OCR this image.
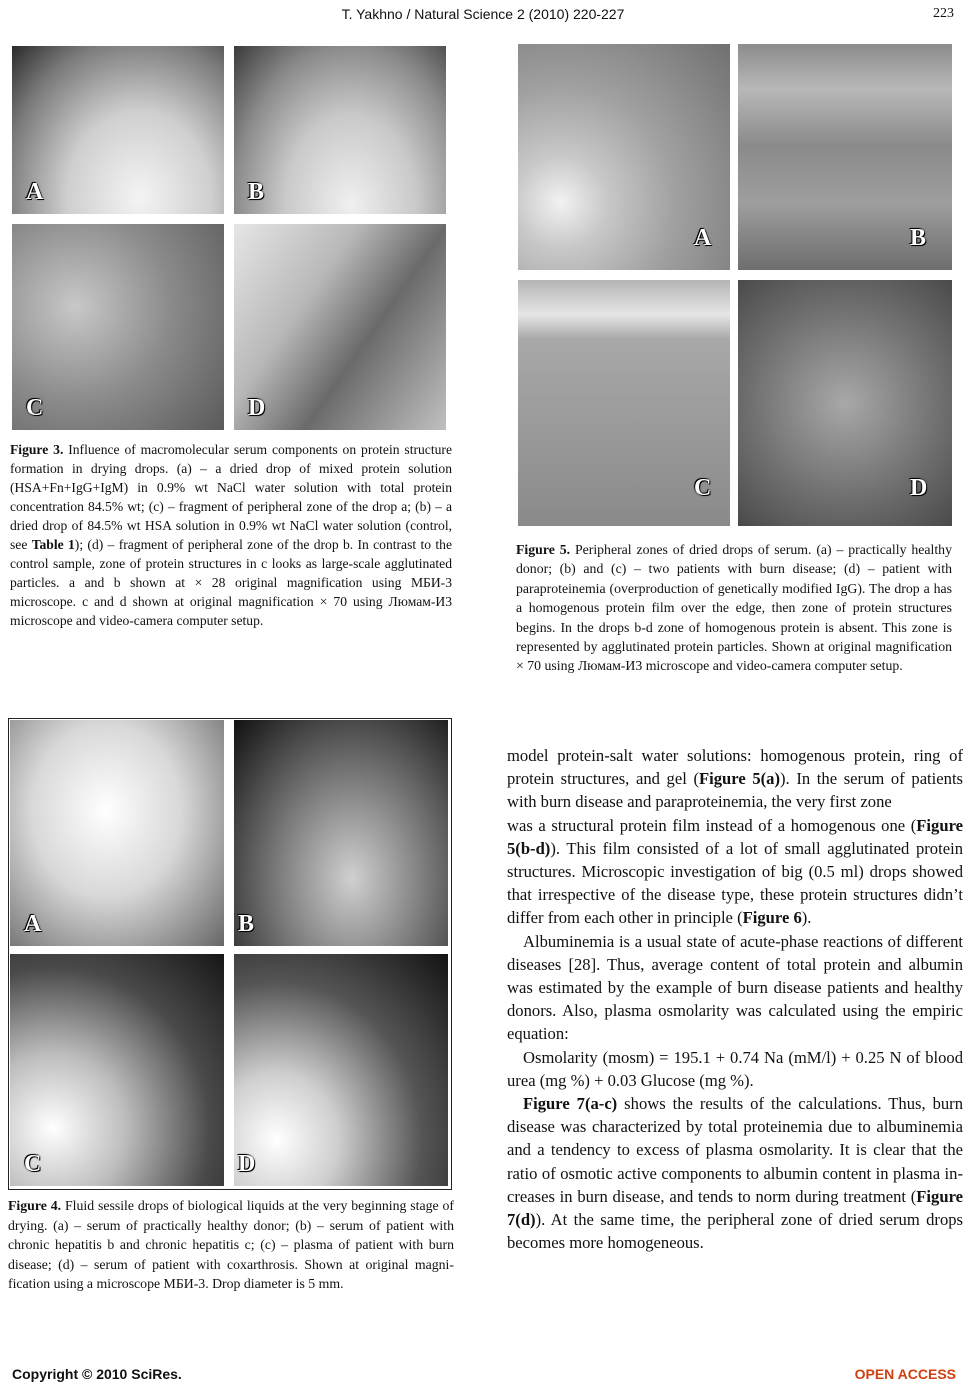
T. Yakhno / Natural Science 2 (2010) 220-227	223
A	B
C	D
Figure 3. Influence of macromolecular serum components on protein structure formation in drying drops. (a) – a dried drop of mixed protein solution (HSA+Fn+IgG+IgM) in 0.9% wt NaCl water solution with total protein concentration 84.5% wt; (c) – fragment of peripheral zone of the drop a; (b) – a dried drop of 84.5% wt HSA solution in 0.9% wt NaCl water solution (control, see Table 1); (d) – fragment of peripheral zone of the drop b. In contrast to the control sample, zone of protein structures in c looks as large-scale agglutinated particles. a and b shown at × 28 original magnification using МБИ-3 microscope. c and d shown at original magnification × 70 using Люмам-И3 microscope and video-camera computer setup.
A	B
C	D
Figure 4. Fluid sessile drops of biological liquids at the very beginning stage of drying. (a) – serum of practically healthy donor; (b) – serum of patient with chronic hepatitis b and chronic hepatitis c; (c) – plasma of patient with burn disease; (d) – serum of patient with coxarthrosis. Shown at original magnification using a microscope МБИ-3. Drop diameter is 5 mm.
A	B
C	D
Figure 5. Peripheral zones of dried drops of serum. (a) – practically healthy donor; (b) and (c) – two patients with burn disease; (d) – patient with paraproteinemia (overproduction of genetically modified IgG). The drop a has a homogenous protein film over the edge, then zone of protein structures begins. In the drops b-d zone of homogenous protein is absent. This zone is represented by agglutinated protein particles. Shown at original magnification × 70 using Люмам-И3 microscope and video-camera computer setup.

model protein-salt water solutions: homogenous protein, ring of protein structures, and gel (Figure 5(a)). In the serum of patients with burn disease and paraproteinemia, the very first zone

was a structural protein film instead of a homogenous one (Figure 5(b-d)). This film consisted of a lot of small agglutinated protein structures. Microscopic investigation of big (0.5 ml) drops showed that irrespective of the disease type, these protein structures didn’t differ from each other in principle (Figure 6).

Albuminemia is a usual state of acute-phase reactions of different diseases [28]. Thus, average content of total protein and albumin was estimated by the example of burn disease patients and healthy donors. Also, plasma osmolarity was calculated using the empiric equation:

Osmolarity (mosm) = 195.1 + 0.74 Na (mM/l) + 0.25 N of blood urea (mg %) + 0.03 Glucose (mg %).

Figure 7(a-c) shows the results of the calculations. Thus, burn disease was characterized by total proteinemia due to albuminemia and a tendency to excess of plasma osmolarity. It is clear that the ratio of osmotic active components to albumin content in plasma increases in burn disease, and tends to norm during treatment (Figure 7(d)). At the same time, the peripheral zone of dried serum drops becomes more homogeneous.

Copyright © 2010 SciRes.	OPEN ACCESS
